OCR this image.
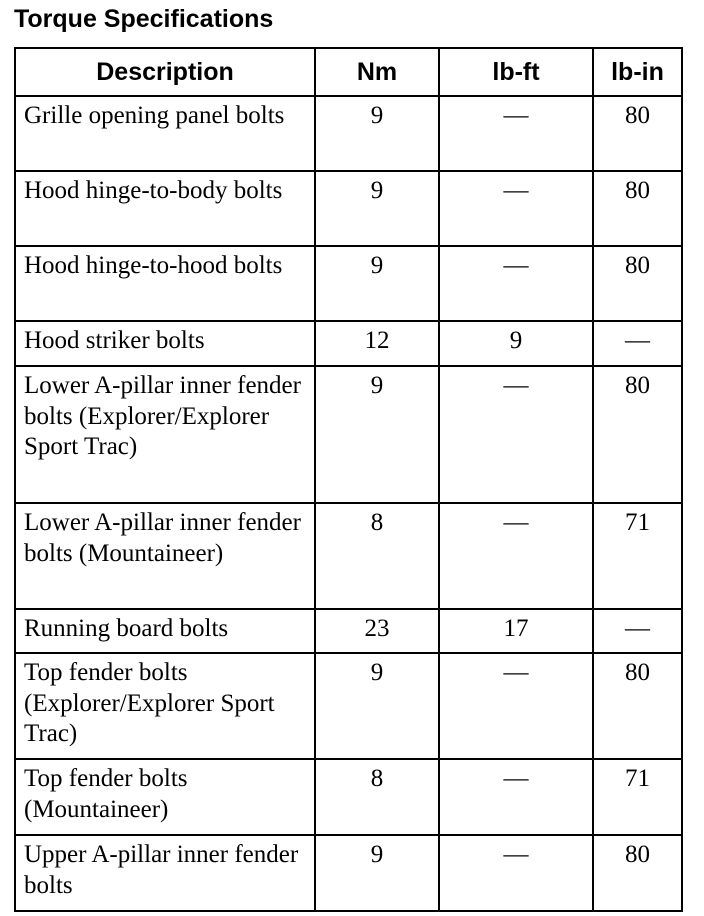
Torque Specifications
Description	Nm	lb-ft	lb-in
Grille opening panel bolts	9	—	80
Hood hinge-to-body bolts	9	—	80
Hood hinge-to-hood bolts	9	—	80
Hood striker bolts	12	9	—
Lower A-pillar inner fender bolts (Explorer/Explorer Sport Trac)	9	—	80
Lower A-pillar inner fender bolts (Mountaineer)	8	—	71
Running board bolts	23	17	—
Top fender bolts (Explorer/Explorer Sport Trac)	9	—	80
Top fender bolts (Mountaineer)	8	—	71
Upper A-pillar inner fender bolts	9	—	80
